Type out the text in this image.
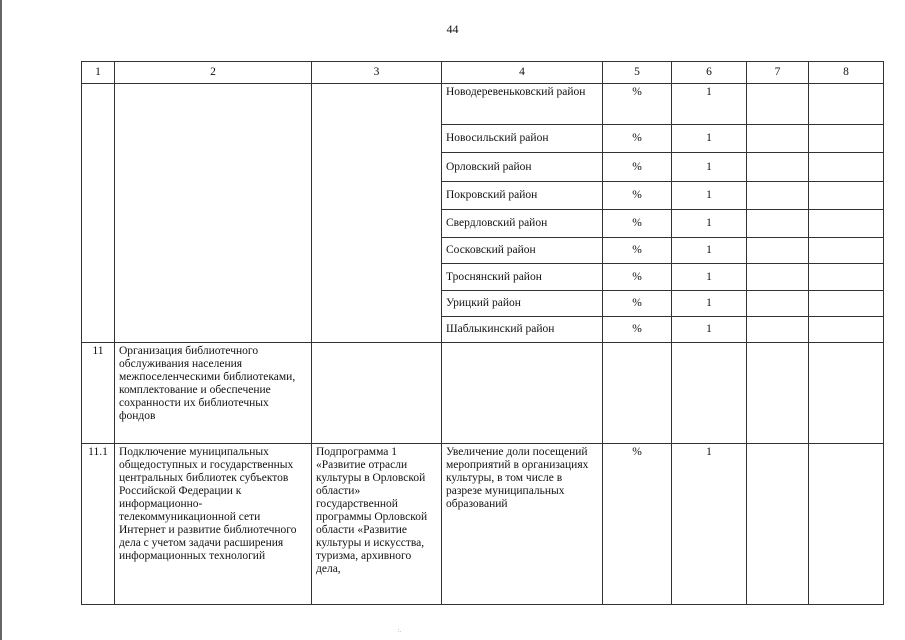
44
1	2	3	4	5	6	7	8
			Новодеревеньковский район	%	1		
			Новосильский район	%	1		
			Орловский район	%	1		
			Покровский район	%	1		
			Свердловский район	%	1		
			Сосковский район	%	1		
			Троснянский район	%	1		
			Урицкий район	%	1		
			Шаблыкинский район	%	1		
11	Организация библиотечного обслуживания населения межпоселенческими библиотеками, комплектование и обеспечение сохранности их библиотечных фондов						
11.1	Подключение муниципальных общедоступных и государственных центральных библиотек субъектов Российской Федерации к информационно-телекоммуникационной сети Интернет и развитие библиотечного дела с учетом задачи расширения информационных технологий	Подпрограмма 1 «Развитие отрасли культуры в Орловской области» государственной программы Орловской области «Развитие культуры и искусства, туризма, архивного дела,	Увеличение доли посещений мероприятий в организациях культуры, в том числе в разрезе муниципальных образований	%	1		
:.
